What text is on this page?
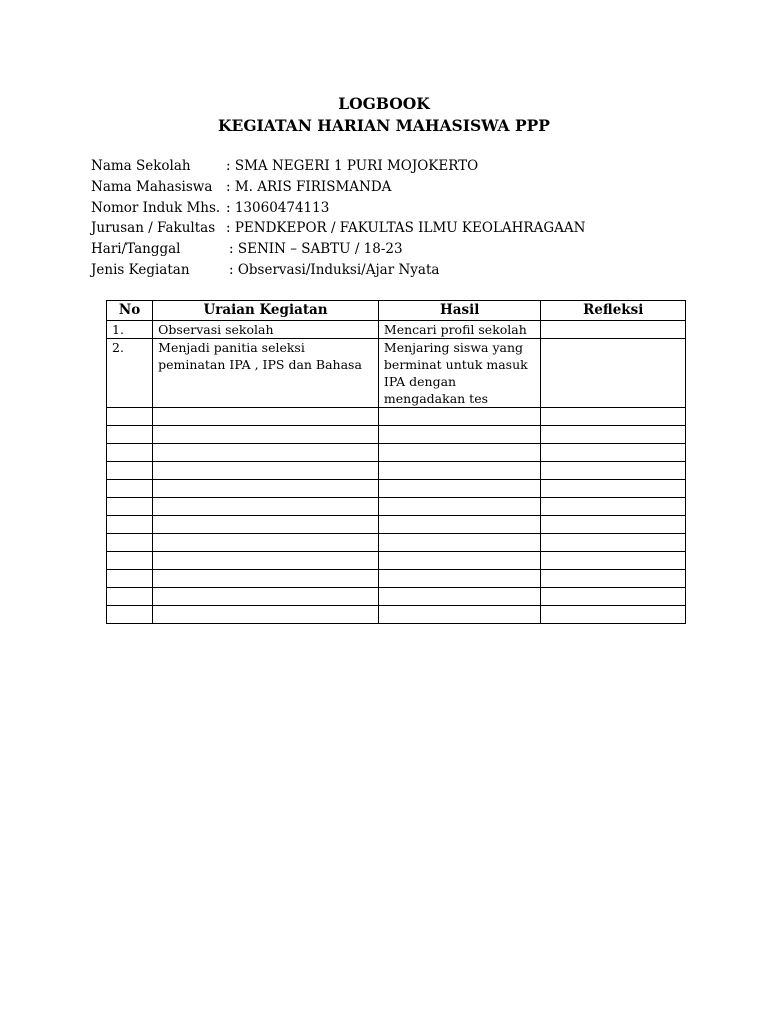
LOGBOOK
KEGIATAN HARIAN MAHASISWA PPP
Nama Sekolah	: SMA NEGERI 1 PURI MOJOKERTO
Nama Mahasiswa : M. ARIS FIRISMANDA
Nomor Induk Mhs. : 13060474113
Jurusan / Fakultas : PENDKEPOR / FAKULTAS ILMU KEOLAHRAGAAN
Hari/Tanggal	: SENIN – SABTU / 18-23
Jenis Kegiatan	: Observasi/Induksi/Ajar Nyata
No	Uraian Kegiatan	Hasil	Refleksi
1.	Observasi sekolah	Mencari profil sekolah	
2.	Menjadi panitia seleksi peminatan IPA , IPS dan Bahasa	Menjaring siswa yang berminat untuk masuk IPA dengan mengadakan tes	
